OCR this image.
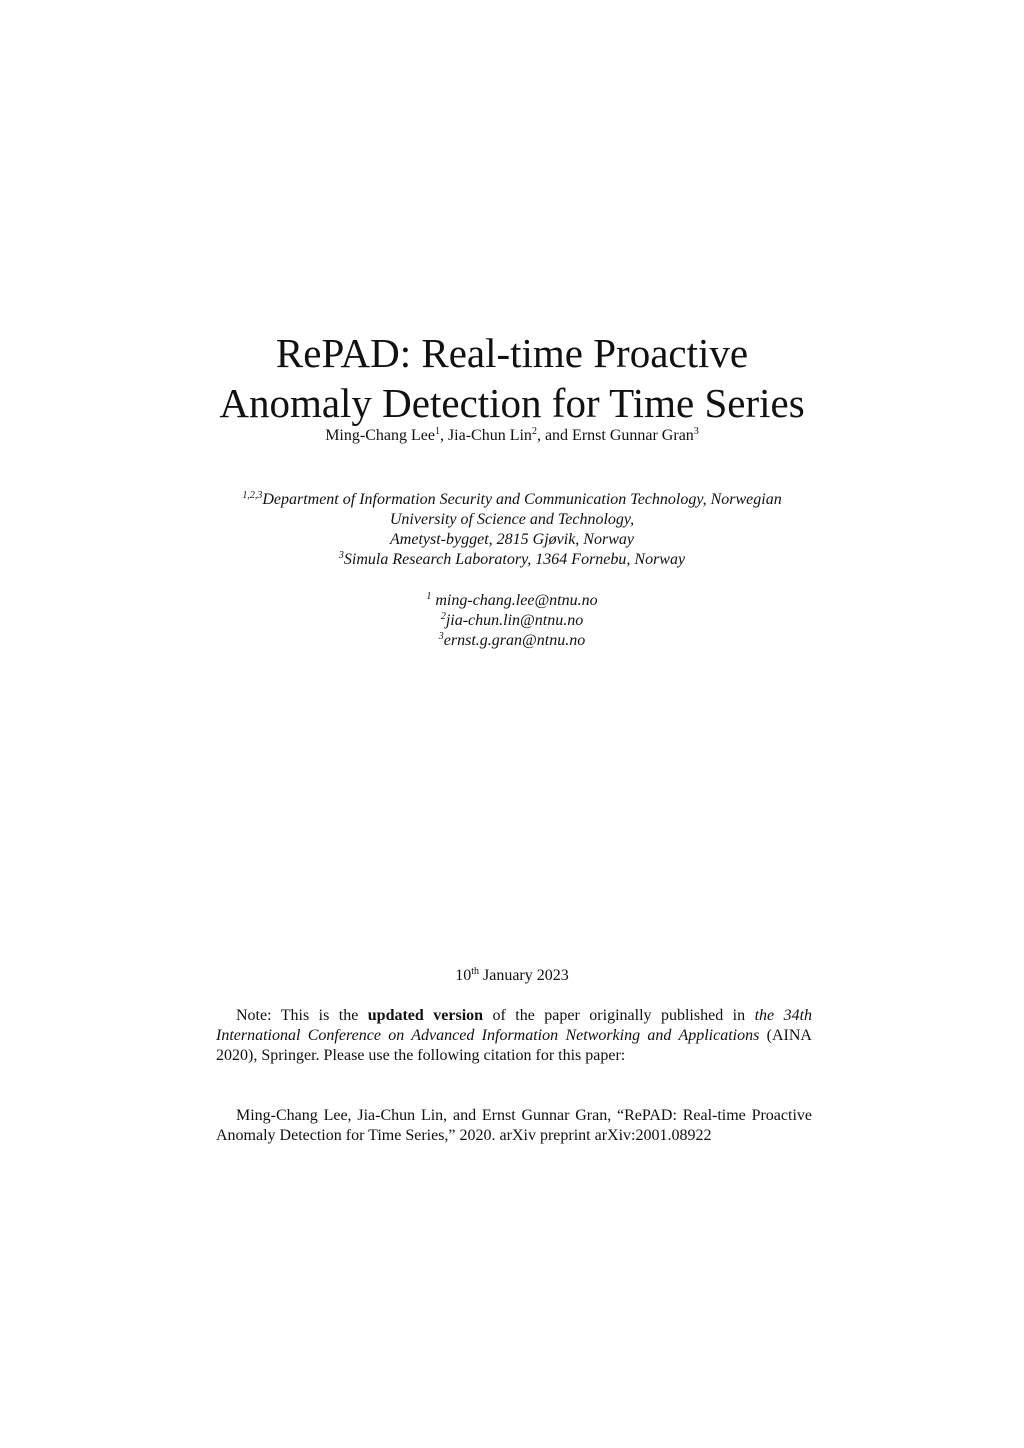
RePAD: Real-time Proactive
Anomaly Detection for Time Series
Ming-Chang Lee$^1$, Jia-Chun Lin$^2$, and Ernst Gunnar Gran$^3$
$^{1,2,3}$Department of Information Security and Communication Technology, Norwegian
University of Science and Technology,
Ametyst-bygget, 2815 Gjøvik, Norway
$^3$Simula Research Laboratory, 1364 Fornebu, Norway
$^1$ ming-chang.lee@ntnu.no
$^2$jia-chun.lin@ntnu.no
$^3$ernst.g.gran@ntnu.no
10th January 2023

Note: This is the updated version of the paper originally published in the 34th International Conference on Advanced Information Networking and Applications (AINA 2020), Springer. Please use the following citation for this paper:

Ming-Chang Lee, Jia-Chun Lin, and Ernst Gunnar Gran, “RePAD: Real-time Proactive Anomaly Detection for Time Series,” 2020. arXiv preprint arXiv:2001.08922
